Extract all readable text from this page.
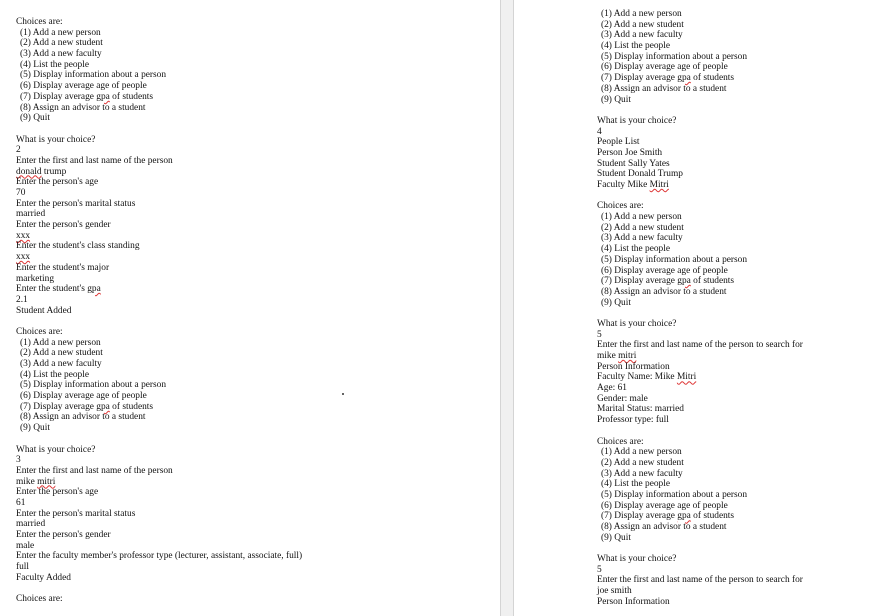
Choices are:
(1) Add a new person
(2) Add a new student
(3) Add a new faculty
(4) List the people
(5) Display information about a person
(6) Display average age of people
(7) Display average gpa of students
(8) Assign an advisor to a student
(9) Quit
What is your choice?
2
Enter the first and last name of the person
donald trump
Enter the person's age
70
Enter the person's marital status
married
Enter the person's gender
xxx
Enter the student's class standing
xxx
Enter the student's major
marketing
Enter the student's gpa
2.1
Student Added
Choices are:
(1) Add a new person
(2) Add a new student
(3) Add a new faculty
(4) List the people
(5) Display information about a person
(6) Display average age of people
(7) Display average gpa of students
(8) Assign an advisor to a student
(9) Quit
What is your choice?
3
Enter the first and last name of the person
mike mitri
Enter the person's age
61
Enter the person's marital status
married
Enter the person's gender
male
Enter the faculty member's professor type (lecturer, assistant, associate, full)
full
Faculty Added
Choices are:
(1) Add a new person
(2) Add a new student
(3) Add a new faculty
(4) List the people
(5) Display information about a person
(6) Display average age of people
(7) Display average gpa of students
(8) Assign an advisor to a student
(9) Quit
What is your choice?
4
People List
Person Joe Smith
Student Sally Yates
Student Donald Trump
Faculty Mike Mitri
Choices are:
(1) Add a new person
(2) Add a new student
(3) Add a new faculty
(4) List the people
(5) Display information about a person
(6) Display average age of people
(7) Display average gpa of students
(8) Assign an advisor to a student
(9) Quit
What is your choice?
5
Enter the first and last name of the person to search for
mike mitri
Person Information
Faculty Name: Mike Mitri
Age: 61
Gender: male
Marital Status: married
Professor type: full
Choices are:
(1) Add a new person
(2) Add a new student
(3) Add a new faculty
(4) List the people
(5) Display information about a person
(6) Display average age of people
(7) Display average gpa of students
(8) Assign an advisor to a student
(9) Quit
What is your choice?
5
Enter the first and last name of the person to search for
joe smith
Person Information
